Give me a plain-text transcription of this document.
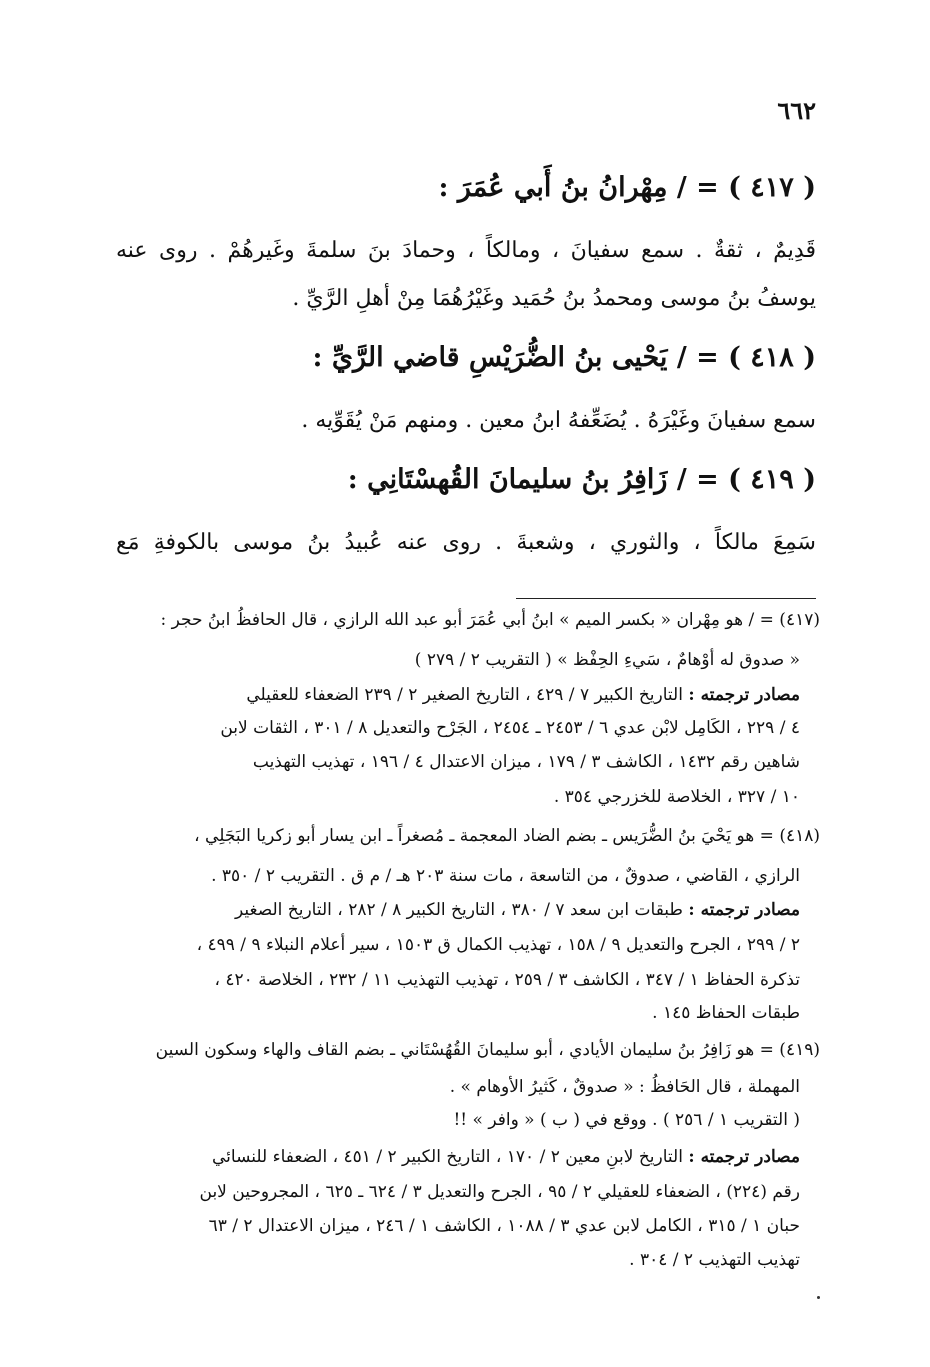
٦٦٢
( ٤١٧ ) = / مِهْرانُ بنُ أَبي عُمَرَ :
قَدِيمٌ ، ثقةٌ . سمع سفيانَ ، ومالكاً ، وحمادَ بنَ سلمةَ وغَيرهُمْ . روى عنه
يوسفُ بنُ موسى ومحمدُ بنُ حُمَيد وغَيْرُهُمَا مِنْ أهلِ الرَّيِّ .
( ٤١٨ ) = / يَحْيى بنُ الضُّرَيْسِ قاضي الرَّيِّ :
سمع سفيانَ وغَيْرَهُ . يُضَعِّفهُ ابنُ معين . ومنهم مَنْ يُقَوِّيه .
( ٤١٩ ) = / زَافِرُ بنُ سليمانَ القُهسْتَانِي :
سَمِعَ مالكاً ، والثوري ، وشعبةَ . روى عنه عُبيدُ بنُ موسى بالكوفةِ مَع
(٤١٧) = / هو مِهْران « بكسر الميم » ابنُ أبي عُمَرَ أبو عبد الله الرازي ، قال الحافظُ ابنُ حجر :
« صدوق له أوْهامٌ ، سَيءِ الحِفْظ » ( التقريب ٢ / ٢٧٩ )
مصادر ترجمته : التاريخ الكبير ٧ / ٤٢٩ ، التاريخ الصغير ٢ / ٢٣٩ الضعفاء للعقيلي
٤ / ٢٢٩ ، الكَامِل لابْن عدي ٦ / ٢٤٥٣ ـ ٢٤٥٤ ، الجَرْح والتعديل ٨ / ٣٠١ ، الثقات لابن
شاهين رقم ١٤٣٢ ، الكاشف ٣ / ١٧٩ ، ميزان الاعتدال ٤ / ١٩٦ ، تهذيب التهذيب
١٠ / ٣٢٧ ، الخلاصة للخزرجي ٣٥٤ .
(٤١٨) = هو يَحْيَ بنُ الضُّرَيس ـ بضم الضاد المعجمة ـ مُصغراً ـ ابن يسار أبو زكريا البَجَلِي ،
الرازي ، القاضي ، صدوقٌ ، من التاسعة ، مات سنة ٢٠٣ هـ / م ق . التقريب ٢ / ٣٥٠ .
مصادر ترجمته : طبقات ابن سعد ٧ / ٣٨٠ ، التاريخ الكبير ٨ / ٢٨٢ ، التاريخ الصغير
٢ / ٢٩٩ ، الجرح والتعديل ٩ / ١٥٨ ، تهذيب الكمال ق ١٥٠٣ ، سير أعلام النبلاء ٩ / ٤٩٩ ،
تذكرة الحفاظ ١ / ٣٤٧ ، الكاشف ٣ / ٢٥٩ ، تهذيب التهذيب ١١ / ٢٣٢ ، الخلاصة ٤٢٠ ،
طبقات الحفاظ ١٤٥ .
(٤١٩) = هو زَافِرُ بنُ سليمان الأيادي ، أبو سليمانَ القُهُسْتَاني ـ بضم القاف والهاء وسكون السين
المهملة ، قال الحَافظُ : « صدوقٌ ، كَثيرُ الأوهام » .
( التقريب ١ / ٢٥٦ ) . ووقع في ( ب ) « وافر » !!
مصادر ترجمته : التاريخ لابنِ معين ٢ / ١٧٠ ، التاريخ الكبير ٢ / ٤٥١ ، الضعفاء للنسائي
رقم (٢٢٤) ، الضعفاء للعقيلي ٢ / ٩٥ ، الجرح والتعديل ٣ / ٦٢٤ ـ ٦٢٥ ، المجروحين لابن
حبان ١ / ٣١٥ ، الكامل لابن عدي ٣ / ١٠٨٨ ، الكاشف ١ / ٢٤٦ ، ميزان الاعتدال ٢ / ٦٣
تهذيب التهذيب ٢ / ٣٠٤ .
